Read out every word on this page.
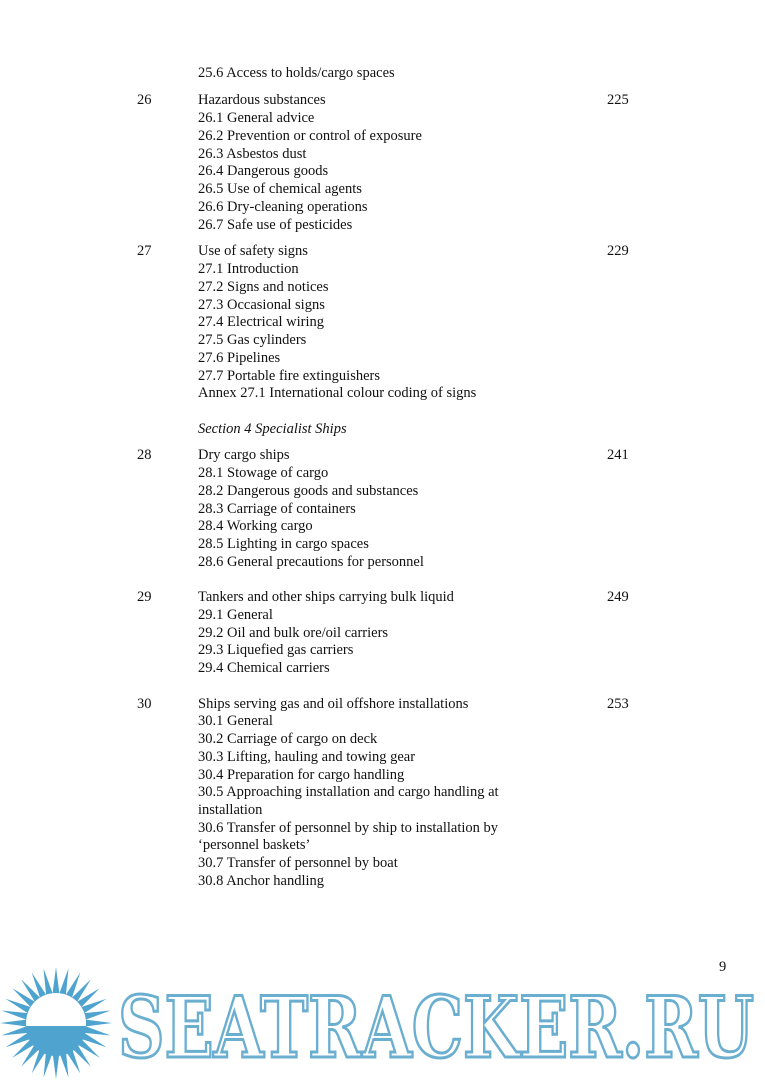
25.6 Access to holds/cargo spaces
26	Hazardous substances	225
26.1 General advice
26.2 Prevention or control of exposure
26.3 Asbestos dust
26.4 Dangerous goods
26.5 Use of chemical agents
26.6 Dry-cleaning operations
26.7 Safe use of pesticides
27	Use of safety signs	229
27.1 Introduction
27.2 Signs and notices
27.3 Occasional signs
27.4 Electrical wiring
27.5 Gas cylinders
27.6 Pipelines
27.7 Portable fire extinguishers
Annex 27.1 International colour coding of signs
Section 4 Specialist Ships
28	Dry cargo ships	241
28.1 Stowage of cargo
28.2 Dangerous goods and substances
28.3 Carriage of containers
28.4 Working cargo
28.5 Lighting in cargo spaces
28.6 General precautions for personnel
29	Tankers and other ships carrying bulk liquid	249
29.1 General
29.2 Oil and bulk ore/oil carriers
29.3 Liquefied gas carriers
29.4 Chemical carriers
30	Ships serving gas and oil offshore installations	253
30.1 General
30.2 Carriage of cargo on deck
30.3 Lifting, hauling and towing gear
30.4 Preparation for cargo handling
30.5 Approaching installation and cargo handling at
installation
30.6 Transfer of personnel by ship to installation by
‘personnel baskets’
30.7 Transfer of personnel by boat
30.8 Anchor handling
9
SEATRACKER.RU
